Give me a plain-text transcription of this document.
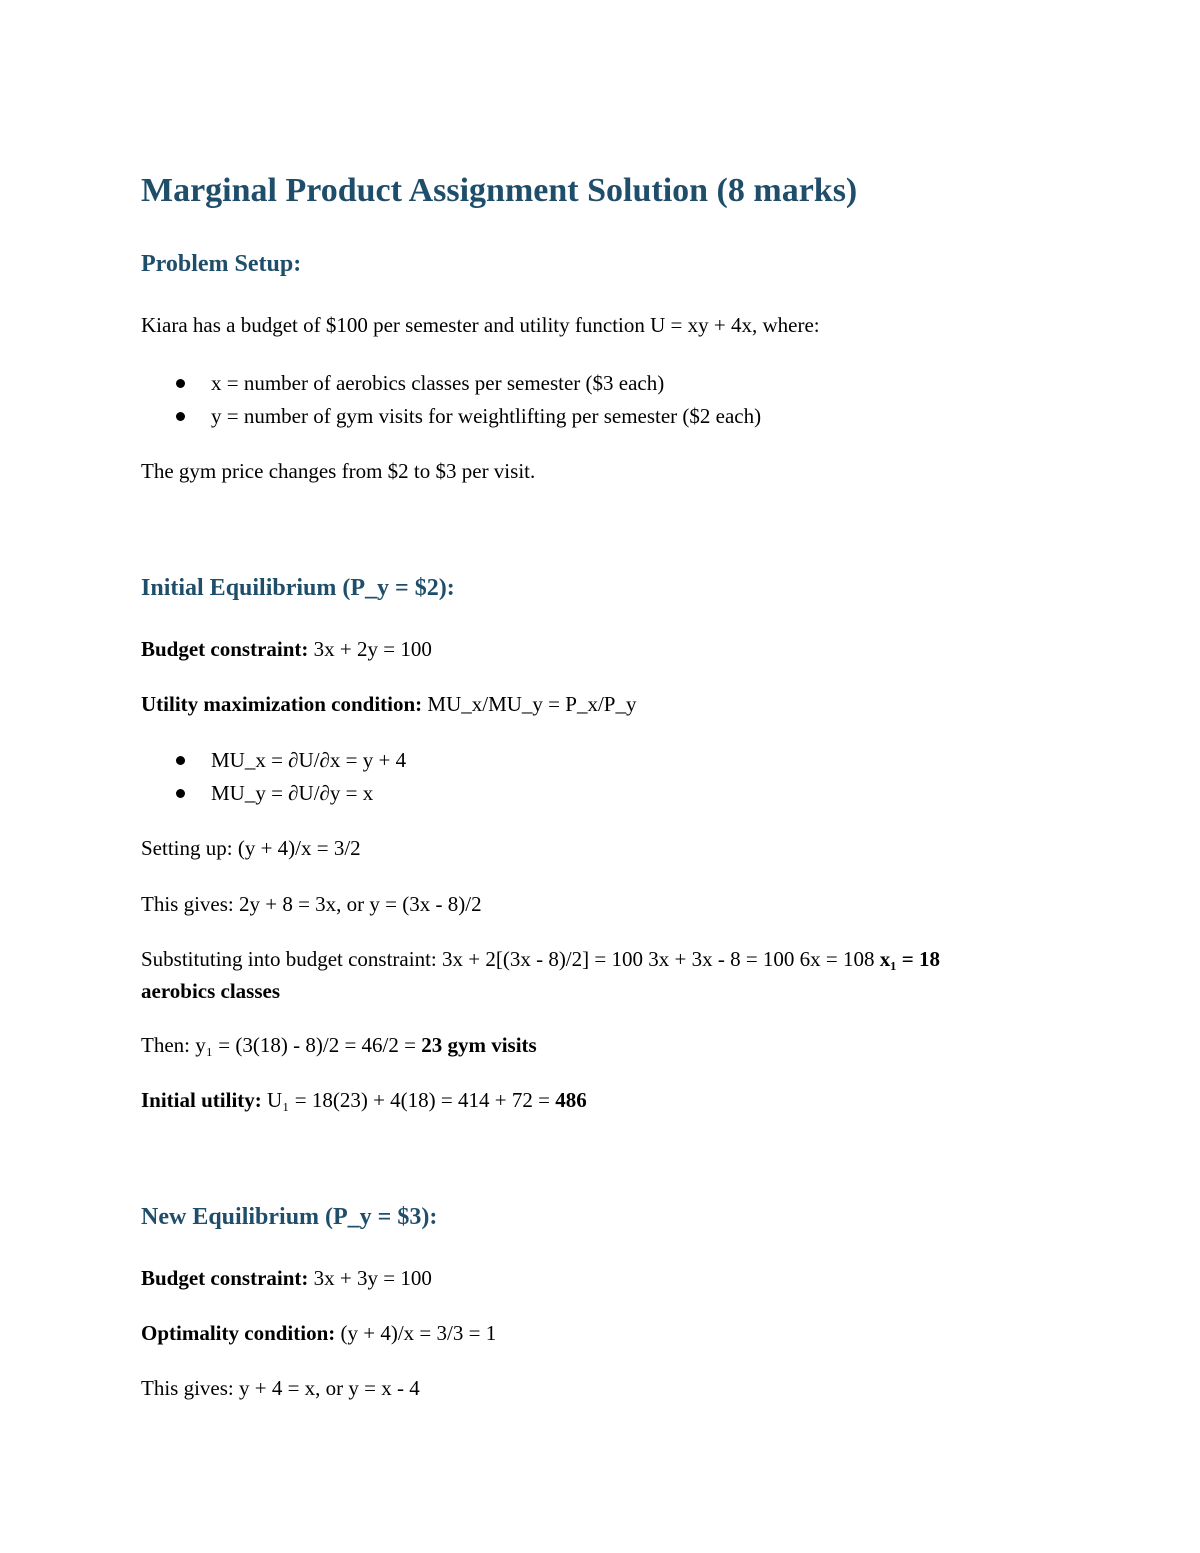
Marginal Product Assignment Solution (8 marks)
Problem Setup:

Kiara has a budget of $100 per semester and utility function U = xy + 4x, where:

x = number of aerobics classes per semester ($3 each)
y = number of gym visits for weightlifting per semester ($2 each)

The gym price changes from $2 to $3 per visit.

Initial Equilibrium (P_y = $2):

Budget constraint: 3x + 2y = 100

Utility maximization condition: MU_x/MU_y = P_x/P_y

MU_x = ∂U/∂x = y + 4
MU_y = ∂U/∂y = x

Setting up: (y + 4)/x = 3/2

This gives: 2y + 8 = 3x, or y = (3x - 8)/2

Substituting into budget constraint: 3x + 2[(3x - 8)/2] = 100 3x + 3x - 8 = 100 6x = 108 x₁ = 18
aerobics classes

Then: y₁ = (3(18) - 8)/2 = 46/2 = 23 gym visits

Initial utility: U₁ = 18(23) + 4(18) = 414 + 72 = 486

New Equilibrium (P_y = $3):

Budget constraint: 3x + 3y = 100

Optimality condition: (y + 4)/x = 3/3 = 1

This gives: y + 4 = x, or y = x - 4
